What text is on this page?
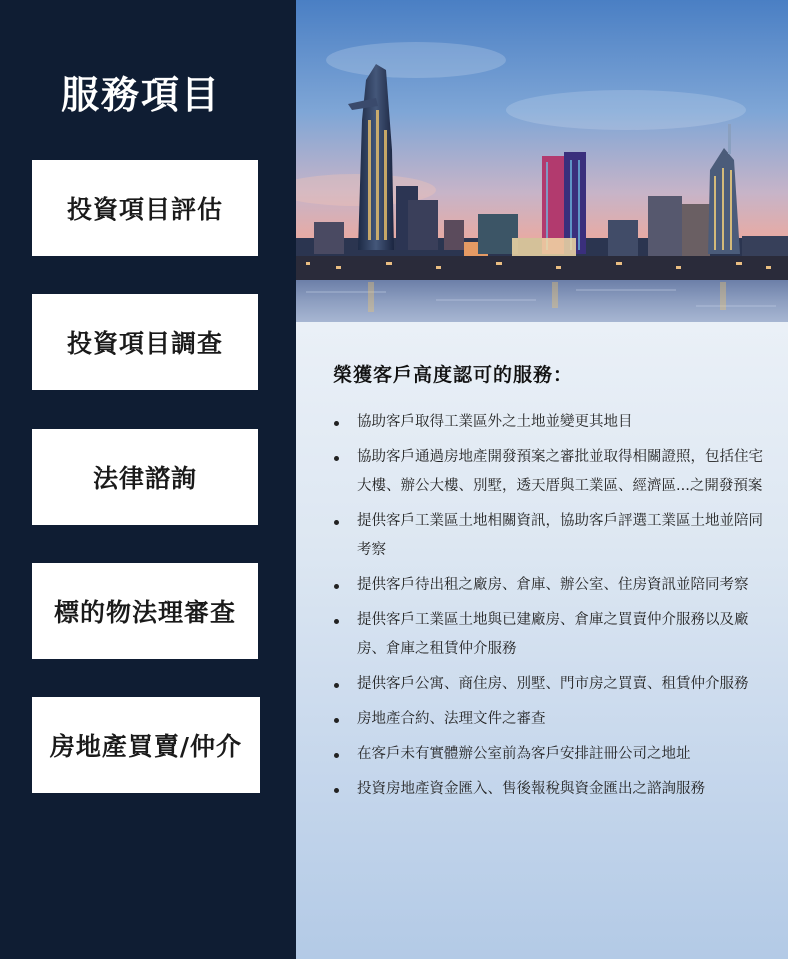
服務項目
投資項目評估
投資項目調查
法律諮詢
標的物法理審查
房地產買賣/仲介
榮獲客戶高度認可的服務：
協助客戶取得工業區外之土地並變更其地目
協助客戶通過房地產開發預案之審批並取得相關證照，包括住宅大樓、辦公大樓、別墅，透天厝與工業區、經濟區...之開發預案
提供客戶工業區土地相關資訊，協助客戶評選工業區土地並陪同考察
提供客戶待出租之廠房、倉庫、辦公室、住房資訊並陪同考察
提供客戶工業區土地與已建廠房、倉庫之買賣仲介服務以及廠房、倉庫之租賃仲介服務
提供客戶公寓、商住房、別墅、門市房之買賣、租賃仲介服務
房地產合約、法理文件之審查
在客戶未有實體辦公室前為客戶安排註冊公司之地址
投資房地產資金匯入、售後報稅與資金匯出之諮詢服務
